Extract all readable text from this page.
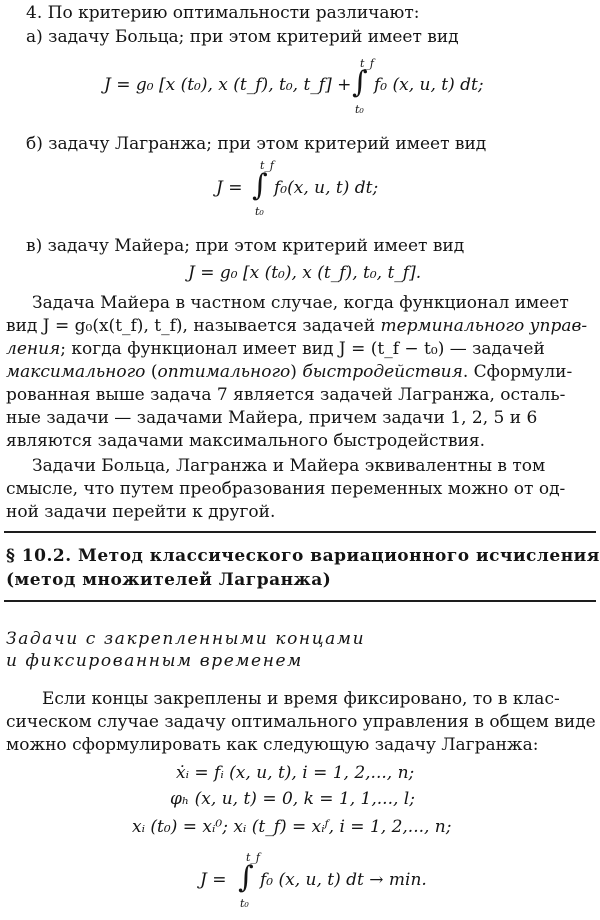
4. По критерию оптимальности различают:
а) задачу Больца; при этом критерий имеет вид
J = g₀ [x (t₀), x (t_f), t₀, t_f] + ∫
t_f
t₀
f₀ (x, u, t) dt;
б) задачу Лагранжа; при этом критерий имеет вид
J = ∫
t_f
t₀
f₀(x, u, t) dt;
в) задачу Майера; при этом критерий имеет вид
J = g₀ [x (t₀), x (t_f), t₀, t_f].
Задача Майера в частном случае, когда функционал имеет
вид J = g₀(x(t_f), t_f), называется задачей терминального управ-
ления; когда функционал имеет вид J = (t_f − t₀) — задачей
максимального (оптимального) быстродействия. Сформули-
рованная выше задача 7 является задачей Лагранжа, осталь-
ные задачи — задачами Майера, причем задачи 1, 2, 5 и 6
являются задачами максимального быстродействия.
Задачи Больца, Лагранжа и Майера эквивалентны в том
смысле, что путем преобразования переменных можно от од-
ной задачи перейти к другой.
§ 10.2. Метод классического вариационного исчисления
(метод множителей Лагранжа)
Задачи с закрепленными концами
и фиксированным временем
Если концы закреплены и время фиксировано, то в клас-
сическом случае задачу оптимального управления в общем виде
можно сформулировать как следующую задачу Лагранжа:
ẋᵢ = fᵢ (x, u, t), i = 1, 2,..., n;
φₕ (x, u, t) = 0, k = 1, 1,..., l;
xᵢ (t₀) = xᵢ⁰; xᵢ (t_f) = xᵢᶠ, i = 1, 2,..., n;
J = ∫
t_f
t₀
f₀ (x, u, t) dt → min.
